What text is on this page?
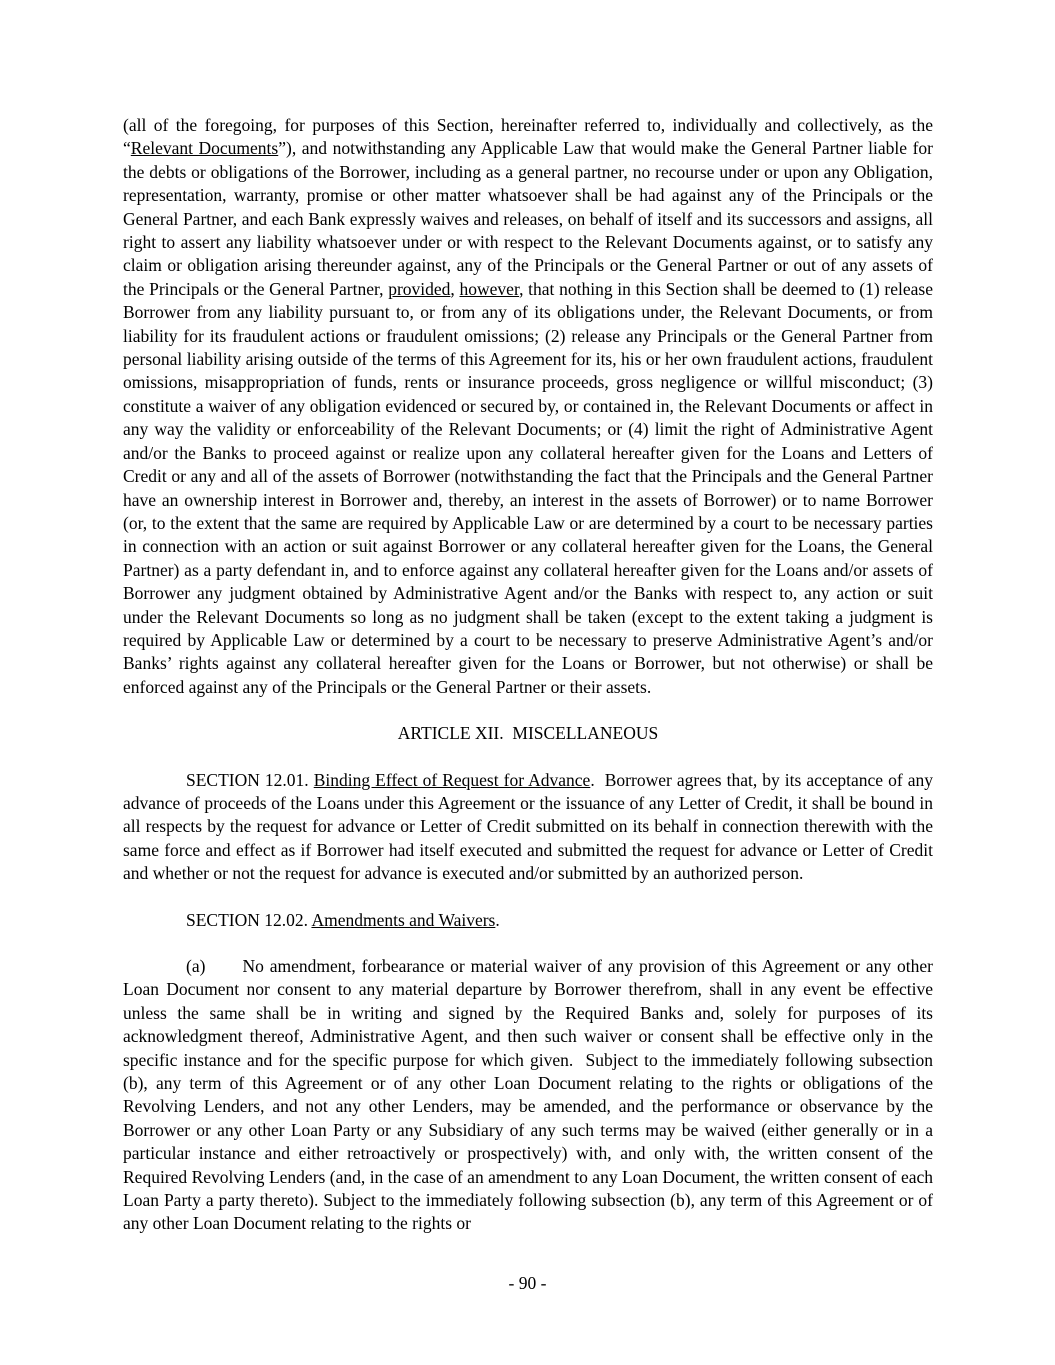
(all of the foregoing, for purposes of this Section, hereinafter referred to, individually and collectively, as the “Relevant Documents”), and notwithstanding any Applicable Law that would make the General Partner liable for the debts or obligations of the Borrower, including as a general partner, no recourse under or upon any Obligation, representation, warranty, promise or other matter whatsoever shall be had against any of the Principals or the General Partner, and each Bank expressly waives and releases, on behalf of itself and its successors and assigns, all right to assert any liability whatsoever under or with respect to the Relevant Documents against, or to satisfy any claim or obligation arising thereunder against, any of the Principals or the General Partner or out of any assets of the Principals or the General Partner, provided, however, that nothing in this Section shall be deemed to (1) release Borrower from any liability pursuant to, or from any of its obligations under, the Relevant Documents, or from liability for its fraudulent actions or fraudulent omissions; (2) release any Principals or the General Partner from personal liability arising outside of the terms of this Agreement for its, his or her own fraudulent actions, fraudulent omissions, misappropriation of funds, rents or insurance proceeds, gross negligence or willful misconduct; (3) constitute a waiver of any obligation evidenced or secured by, or contained in, the Relevant Documents or affect in any way the validity or enforceability of the Relevant Documents; or (4) limit the right of Administrative Agent and/or the Banks to proceed against or realize upon any collateral hereafter given for the Loans and Letters of Credit or any and all of the assets of Borrower (notwithstanding the fact that the Principals and the General Partner have an ownership interest in Borrower and, thereby, an interest in the assets of Borrower) or to name Borrower (or, to the extent that the same are required by Applicable Law or are determined by a court to be necessary parties in connection with an action or suit against Borrower or any collateral hereafter given for the Loans, the General Partner) as a party defendant in, and to enforce against any collateral hereafter given for the Loans and/or assets of Borrower any judgment obtained by Administrative Agent and/or the Banks with respect to, any action or suit under the Relevant Documents so long as no judgment shall be taken (except to the extent taking a judgment is required by Applicable Law or determined by a court to be necessary to preserve Administrative Agent’s and/or Banks’ rights against any collateral hereafter given for the Loans or Borrower, but not otherwise) or shall be enforced against any of the Principals or the General Partner or their assets.

ARTICLE XII.  MISCELLANEOUS

SECTION 12.01. Binding Effect of Request for Advance.  Borrower agrees that, by its acceptance of any advance of proceeds of the Loans under this Agreement or the issuance of any Letter of Credit, it shall be bound in all respects by the request for advance or Letter of Credit submitted on its behalf in connection therewith with the same force and effect as if Borrower had itself executed and submitted the request for advance or Letter of Credit and whether or not the request for advance is executed and/or submitted by an authorized person.

SECTION 12.02. Amendments and Waivers.

(a) No amendment, forbearance or material waiver of any provision of this Agreement or any other Loan Document nor consent to any material departure by Borrower therefrom, shall in any event be effective unless the same shall be in writing and signed by the Required Banks and, solely for purposes of its acknowledgment thereof, Administrative Agent, and then such waiver or consent shall be effective only in the specific instance and for the specific purpose for which given.  Subject to the immediately following subsection (b), any term of this Agreement or of any other Loan Document relating to the rights or obligations of the Revolving Lenders, and not any other Lenders, may be amended, and the performance or observance by the Borrower or any other Loan Party or any Subsidiary of any such terms may be waived (either generally or in a particular instance and either retroactively or prospectively) with, and only with, the written consent of the Required Revolving Lenders (and, in the case of an amendment to any Loan Document, the written consent of each Loan Party a party thereto). Subject to the immediately following subsection (b), any term of this Agreement or of any other Loan Document relating to the rights or

- 90 -
